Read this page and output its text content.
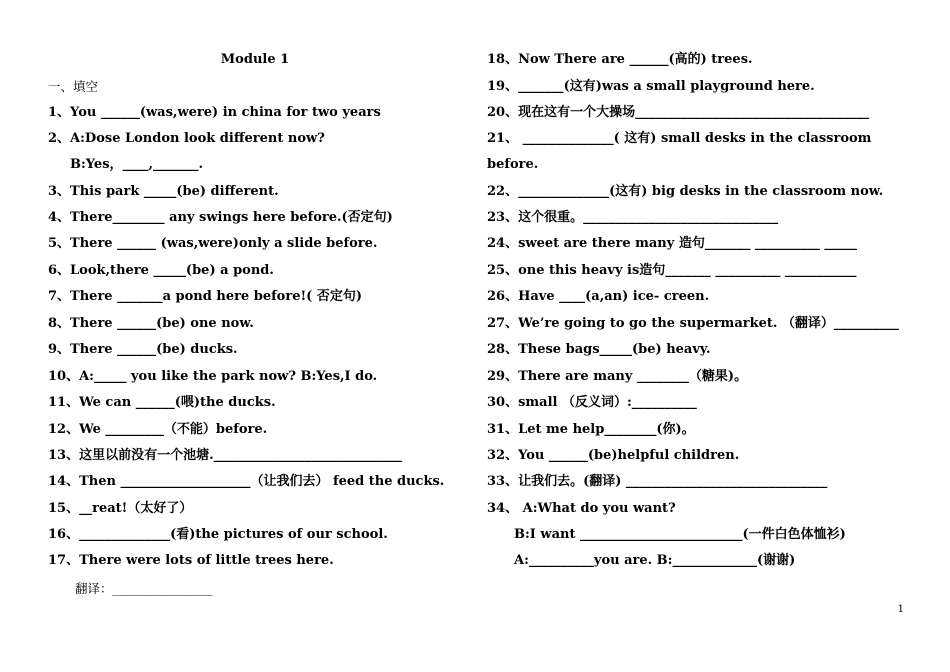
Module 1
一、填空
1、You ______(was,were) in china for two years
2、A:Dose London look different now?
B:Yes，____,_______.
3、This park _____(be) different.
4、There________ any swings here before.(否定句)
5、There ______ (was,were)only a slide before.
6、Look,there _____(be) a pond.
7、There _______a pond here before!( 否定句)
8、There ______(be) one now.
9、There ______(be) ducks.
10、A:_____ you like the park now? B:Yes,I do.
11、We can ______(喂)the ducks.
12、We _________（不能）before.
13、这里以前没有一个池塘._____________________________
14、Then ____________________（让我们去） feed the ducks.
15、__reat!（太好了）
16、______________(看)the pictures of our school.
17、There were lots of little trees here.
翻译：________________
18、Now There are ______(高的) trees.
19、_______(这有)was a small playground here.
20、现在这有一个大操场____________________________________
21、 ______________( 这有) small desks in the classroom
before.
22、______________(这有) big desks in the classroom now.
23、这个很重。______________________________
24、sweet are there many 造句_______ __________ _____
25、one this heavy is造句_______ __________ ___________
26、Have ____(a,an) ice- creen.
27、We’re going to go the supermarket. （翻译）__________
28、These bags_____(be) heavy.
29、There are many ________（糖果)。
30、small （反义词）:__________
31、Let me help________(你)。
32、You ______(be)helpful children.
33、让我们去。(翻译) _______________________________
34、 A:What do you want?
B:I want _________________________(一件白色体恤衫)
A:__________you are. B:_____________(谢谢)
1
